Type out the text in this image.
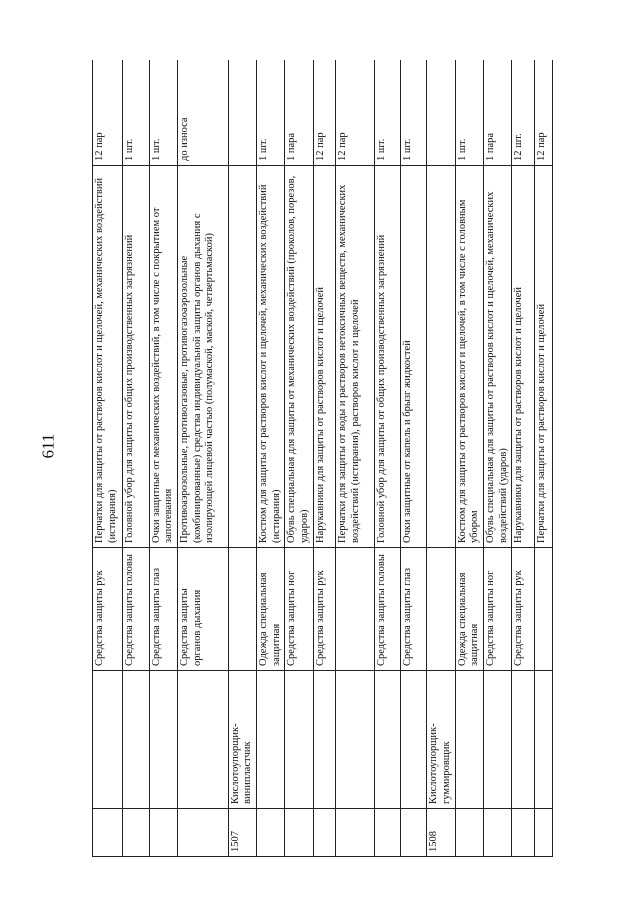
611
		Средства защиты рук	Перчатки для защиты от растворов кислот и щелочей, механических воздействий (истирания)	12 пар
		Средства защиты головы	Головной убор для защиты от общих производственных загрязнений	1 шт.
		Средства защиты глаз	Очки защитные от механических воздействий, в том числе с покрытием от запотевания	1 шт.
		Средства защиты органов дыхания	Противоаэрозольные, противогазовые, противогазоаэрозольные (комбинированные) средства индивидуальной защиты органов дыхания с изолирующей лицевой частью (полумаской, маской, четвертьмаской)	до износа
1507	Кислотоупорщик-винипластчик			
		Одежда специальная защитная	Костюм для защиты от растворов кислот и щелочей, механических воздействий (истирания)	1 шт.
		Средства защиты ног	Обувь специальная для защиты от механических воздействий (проколов, порезов, ударов)	1 пара
		Средства защиты рук	Нарукавники для защиты от растворов кислот и щелочей	12 пар
			Перчатки для защиты от воды и растворов нетоксичных веществ, механических воздействий (истирания), растворов кислот и щелочей	12 пар
		Средства защиты головы	Головной убор для защиты от общих производственных загрязнений	1 шт.
		Средства защиты глаз	Очки защитные от капель и брызг жидкостей	1 шт.
1508	Кислотоупорщик-гуммировщик			
		Одежда специальная защитная	Костюм для защиты от растворов кислот и щелочей, в том числе с головным убором	1 шт.
		Средства защиты ног	Обувь специальная для защиты от растворов кислот и щелочей, механических воздействий (ударов)	1 пара
		Средства защиты рук	Нарукавники для защиты от растворов кислот и щелочей	12 шт.
			Перчатки для защиты от растворов кислот и щелочей	12 пар
